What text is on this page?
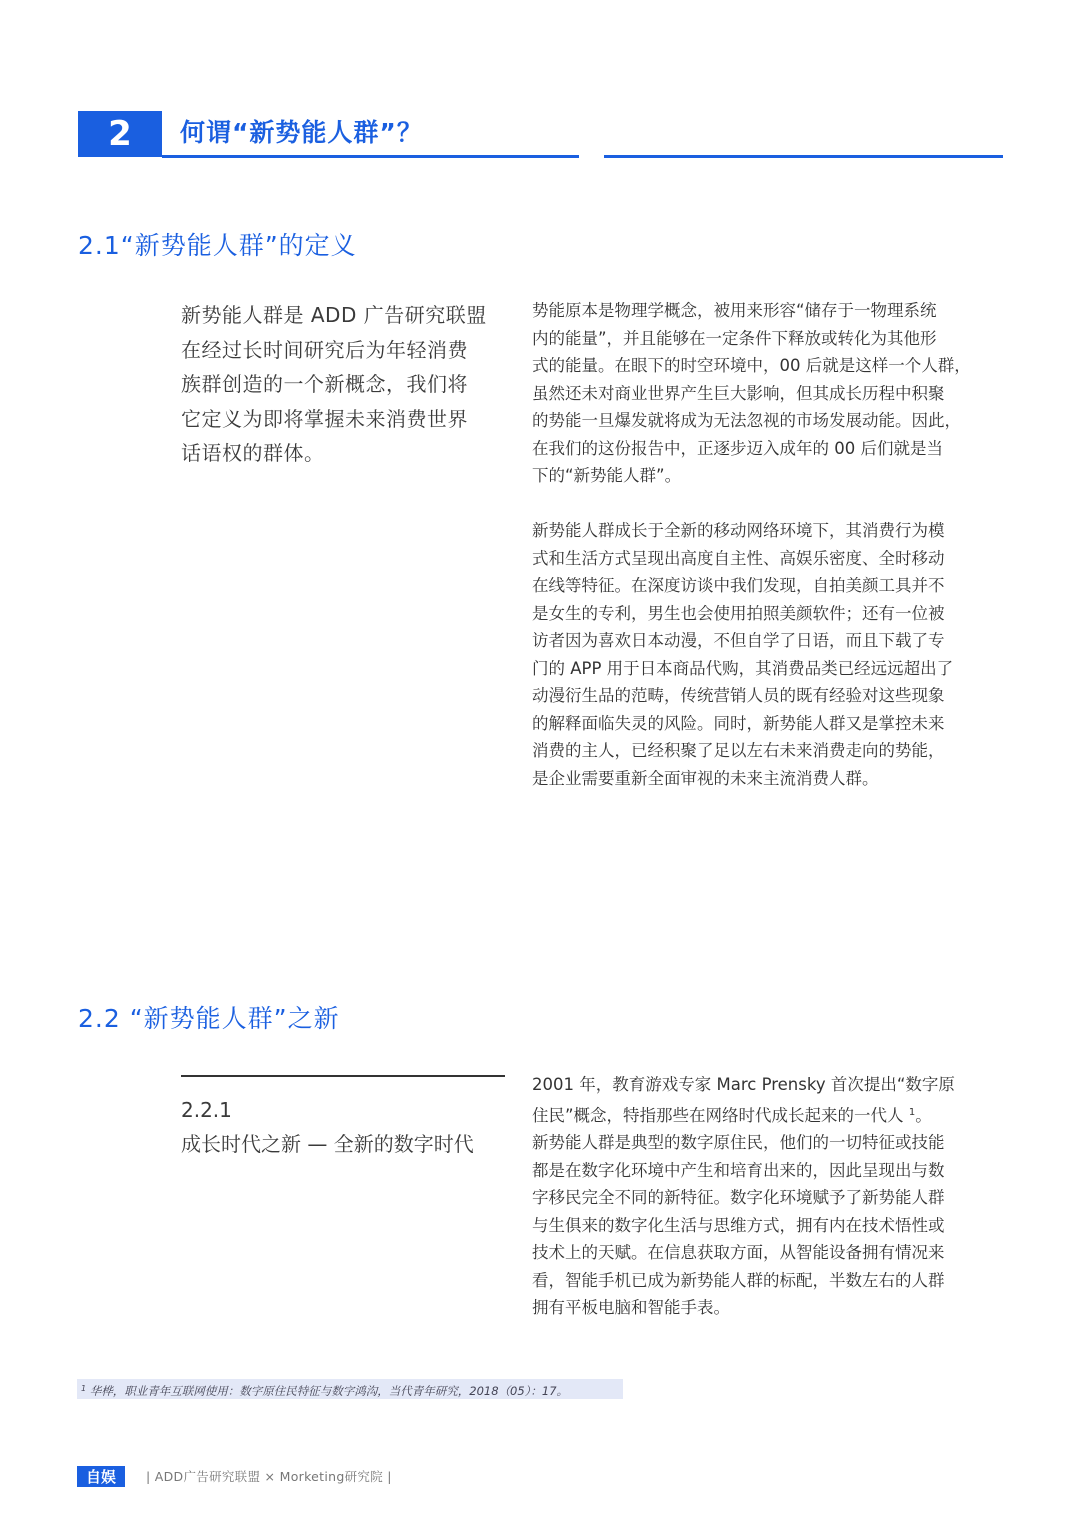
2	何谓“新势能人群”？
2.1“新势能人群”的定义
新势能人群是 ADD 广告研究联盟
在经过长时间研究后为年轻消费
族群创造的一个新概念，我们将
它定义为即将掌握未来消费世界
话语权的群体。
势能原本是物理学概念，被用来形容“储存于一物理系统
内的能量”，并且能够在一定条件下释放或转化为其他形
式的能量。在眼下的时空环境中，00 后就是这样一个人群，
虽然还未对商业世界产生巨大影响，但其成长历程中积聚
的势能一旦爆发就将成为无法忽视的市场发展动能。因此，
在我们的这份报告中，正逐步迈入成年的 00 后们就是当
下的“新势能人群”。
新势能人群成长于全新的移动网络环境下，其消费行为模
式和生活方式呈现出高度自主性、高娱乐密度、全时移动
在线等特征。在深度访谈中我们发现，自拍美颜工具并不
是女生的专利，男生也会使用拍照美颜软件；还有一位被
访者因为喜欢日本动漫，不但自学了日语，而且下载了专
门的 APP 用于日本商品代购，其消费品类已经远远超出了
动漫衍生品的范畴，传统营销人员的既有经验对这些现象
的解释面临失灵的风险。同时，新势能人群又是掌控未来
消费的主人，已经积聚了足以左右未来消费走向的势能，
是企业需要重新全面审视的未来主流消费人群。
2.2 “新势能人群”之新
2.2.1
成长时代之新 — 全新的数字时代
2001 年，教育游戏专家 Marc Prensky 首次提出“数字原
住民”概念，特指那些在网络时代成长起来的一代人 $^1$。
新势能人群是典型的数字原住民，他们的一切特征或技能
都是在数字化环境中产生和培育出来的，因此呈现出与数
字移民完全不同的新特征。数字化环境赋予了新势能人群
与生俱来的数字化生活与思维方式，拥有内在技术悟性或
技术上的天赋。在信息获取方面，从智能设备拥有情况来
看，智能手机已成为新势能人群的标配，半数左右的人群
拥有平板电脑和智能手表。
$^1$ 华桦，职业青年互联网使用：数字原住民特征与数字鸿沟，当代青年研究，2018（05）：17。
自娱	| ADD广告研究联盟 × Morketing研究院 |
